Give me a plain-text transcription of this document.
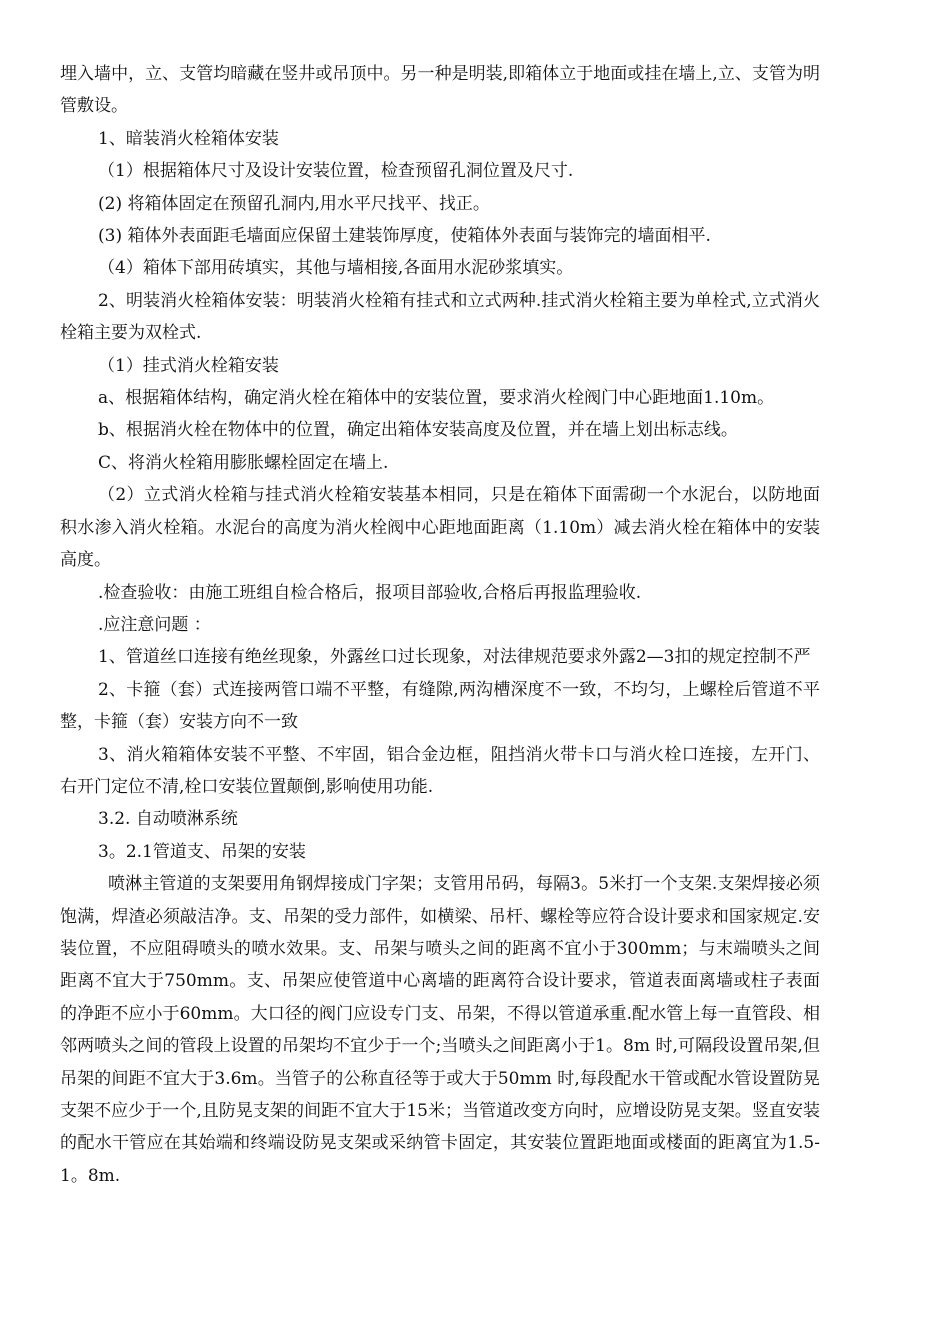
埋入墙中，立、支管均暗藏在竖井或吊顶中。另一种是明装,即箱体立于地面或挂在墙上,立、支管为明管敷设。

1、暗装消火栓箱体安装

（1）根据箱体尺寸及设计安装位置，检查预留孔洞位置及尺寸.

(2) 将箱体固定在预留孔洞内,用水平尺找平、找正。

(3) 箱体外表面距毛墙面应保留土建装饰厚度，使箱体外表面与装饰完的墙面相平.

（4）箱体下部用砖填实，其他与墙相接,各面用水泥砂浆填实。

2、明装消火栓箱体安装：明装消火栓箱有挂式和立式两种.挂式消火栓箱主要为单栓式,立式消火栓箱主要为双栓式.

（1）挂式消火栓箱安装

a、根据箱体结构，确定消火栓在箱体中的安装位置，要求消火栓阀门中心距地面1.10m。

b、根据消火栓在物体中的位置，确定出箱体安装高度及位置，并在墙上划出标志线。

C、将消火栓箱用膨胀螺栓固定在墙上.

（2）立式消火栓箱与挂式消火栓箱安装基本相同，只是在箱体下面需砌一个水泥台，以防地面积水渗入消火栓箱。水泥台的高度为消火栓阀中心距地面距离（1.10m）减去消火栓在箱体中的安装高度。

.检查验收：由施工班组自检合格后，报项目部验收,合格后再报监理验收.

.应注意问题 ：

1、管道丝口连接有绝丝现象，外露丝口过长现象，对法律规范要求外露2—3扣的规定控制不严

2、卡箍（套）式连接两管口端不平整，有缝隙,两沟槽深度不一致，不均匀，上螺栓后管道不平整，卡箍（套）安装方向不一致

3、消火箱箱体安装不平整、不牢固，铝合金边框，阻挡消火带卡口与消火栓口连接，左开门、右开门定位不清,栓口安装位置颠倒,影响使用功能.

3.2. 自动喷淋系统

3。2.1管道支、吊架的安装

喷淋主管道的支架要用角钢焊接成门字架；支管用吊码，每隔3。5米打一个支架.支架焊接必须饱满，焊渣必须敲洁净。支、吊架的受力部件，如横梁、吊杆、螺栓等应符合设计要求和国家规定.安装位置，不应阻碍喷头的喷水效果。支、吊架与喷头之间的距离不宜小于300mm；与末端喷头之间距离不宜大于750mm。支、吊架应使管道中心离墙的距离符合设计要求，管道表面离墙或柱子表面的净距不应小于60mm。大口径的阀门应设专门支、吊架，不得以管道承重.配水管上每一直管段、相邻两喷头之间的管段上设置的吊架均不宜少于一个;当喷头之间距离小于1。8m 时,可隔段设置吊架,但吊架的间距不宜大于3.6m。当管子的公称直径等于或大于50mm 时,每段配水干管或配水管设置防晃支架不应少于一个,且防晃支架的间距不宜大于15米；当管道改变方向时，应增设防晃支架。竖直安装的配水干管应在其始端和终端设防晃支架或采纳管卡固定，其安装位置距地面或楼面的距离宜为1.5-1。8m.
